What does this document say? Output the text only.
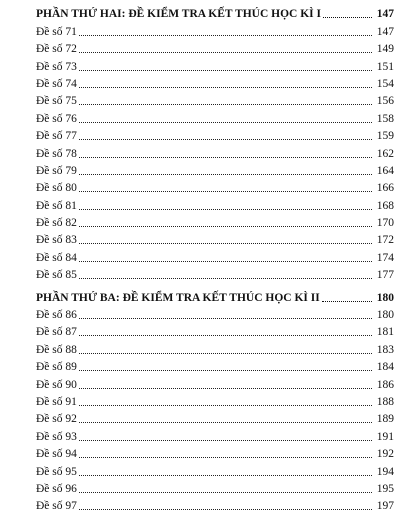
PHẦN THỨ HAI: ĐỀ KIỂM TRA KẾT THÚC HỌC KÌ I	147
Đề số 71	147
Đề số 72	149
Đề số 73	151
Đề số 74	154
Đề số 75	156
Đề số 76	158
Đề số 77	159
Đề số 78	162
Đề số 79	164
Đề số 80	166
Đề số 81	168
Đề số 82	170
Đề số 83	172
Đề số 84	174
Đề số 85	177
PHẦN THỨ BA: ĐỀ KIỂM TRA KẾT THÚC HỌC KÌ II	180
Đề số 86	180
Đề số 87	181
Đề số 88	183
Đề số 89	184
Đề số 90	186
Đề số 91	188
Đề số 92	189
Đề số 93	191
Đề số 94	192
Đề số 95	194
Đề số 96	195
Đề số 97	197
